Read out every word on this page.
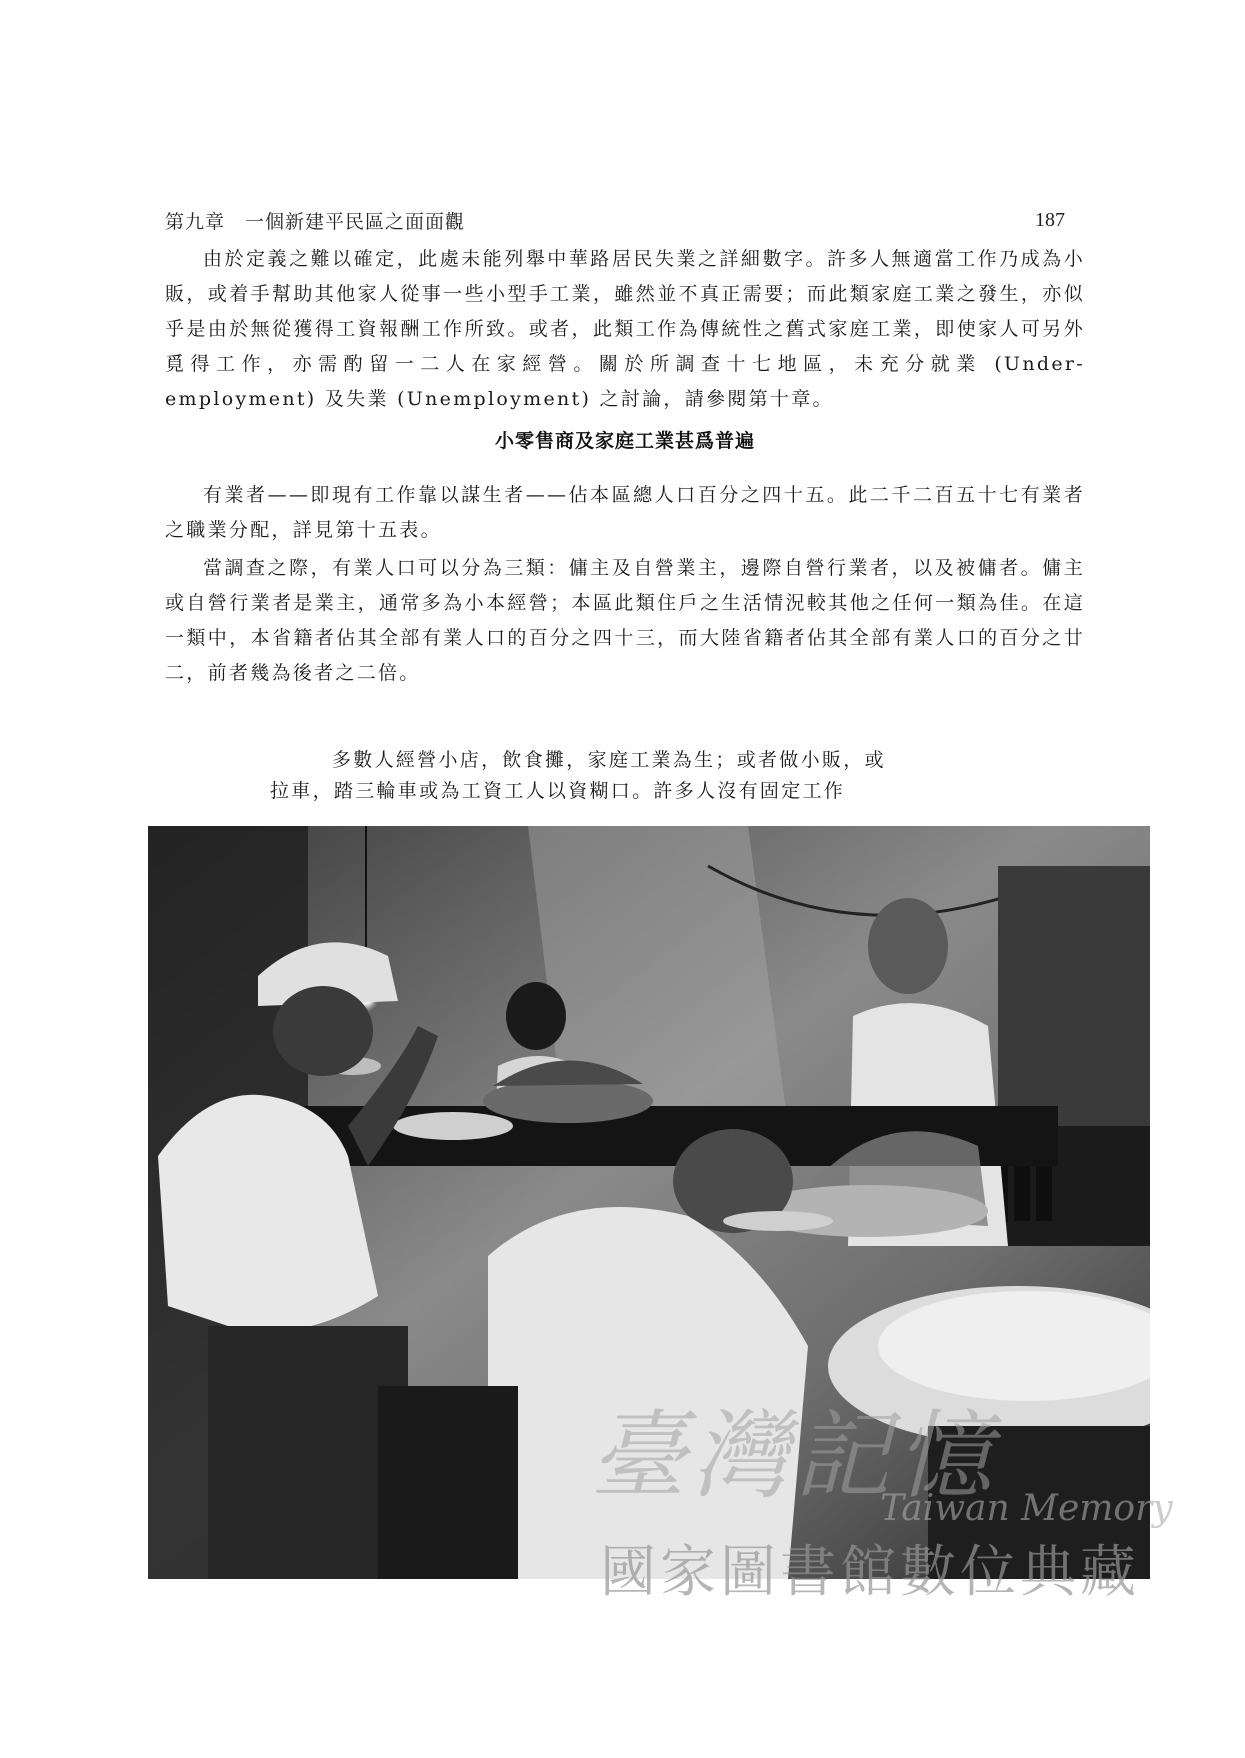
第九章　一個新建平民區之面面觀	187

由於定義之難以確定，此處未能列舉中華路居民失業之詳細數字。許多人無適當工作乃成為小販，或着手幫助其他家人從事一些小型手工業，雖然並不真正需要；而此類家庭工業之發生，亦似乎是由於無從獲得工資報酬工作所致。或者，此類工作為傳統性之舊式家庭工業，即使家人可另外覓得工作，亦需酌留一二人在家經營。關於所調查十七地區，未充分就業 (Under-employment) 及失業 (Unemployment) 之討論，請參閱第十章。

小零售商及家庭工業甚爲普遍

有業者——即現有工作靠以謀生者——佔本區總人口百分之四十五。此二千二百五十七有業者之職業分配，詳見第十五表。

當調查之際，有業人口可以分為三類：傭主及自營業主，邊際自營行業者，以及被傭者。傭主或自營行業者是業主，通常多為小本經營；本區此類住戶之生活情況較其他之任何一類為佳。在這一類中，本省籍者佔其全部有業人口的百分之四十三，而大陸省籍者佔其全部有業人口的百分之廿二，前者幾為後者之二倍。

多數人經營小店，飲食攤，家庭工業為生；或者做小販，或
拉車，踏三輪車或為工資工人以資糊口。許多人沒有固定工作
臺灣記憶
Taiwan Memory
國家圖書館數位典藏
